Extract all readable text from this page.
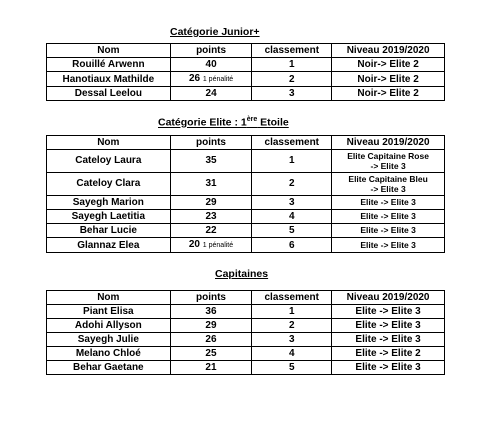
Catégorie Junior+
Nom	points	classement	Niveau 2019/2020
Rouillé Arwenn	40	1	Noir-> Elite 2
Hanotiaux Mathilde	26 1 pénalité	2	Noir-> Elite 2
Dessal Leelou	24	3	Noir-> Elite 2
Catégorie Elite : 1ère Etoile
Nom	points	classement	Niveau 2019/2020
Cateloy Laura	35	1	Elite Capitaine Rose
-> Elite 3

Cateloy Clara	31	2	Elite Capitaine Bleu
-> Elite 3

Sayegh Marion	29	3	Elite -> Elite 3
Sayegh Laetitia	23	4	Elite -> Elite 3
Behar Lucie	22	5	Elite -> Elite 3
Glannaz Elea	20 1 pénalité	6	Elite -> Elite 3
Capitaines
Nom	points	classement	Niveau 2019/2020
Piant Elisa	36	1	Elite -> Elite 3
Adohi Allyson	29	2	Elite -> Elite 3
Sayegh Julie	26	3	Elite -> Elite 3
Melano Chloé	25	4	Elite -> Elite 2
Behar Gaetane	21	5	Elite -> Elite 3
